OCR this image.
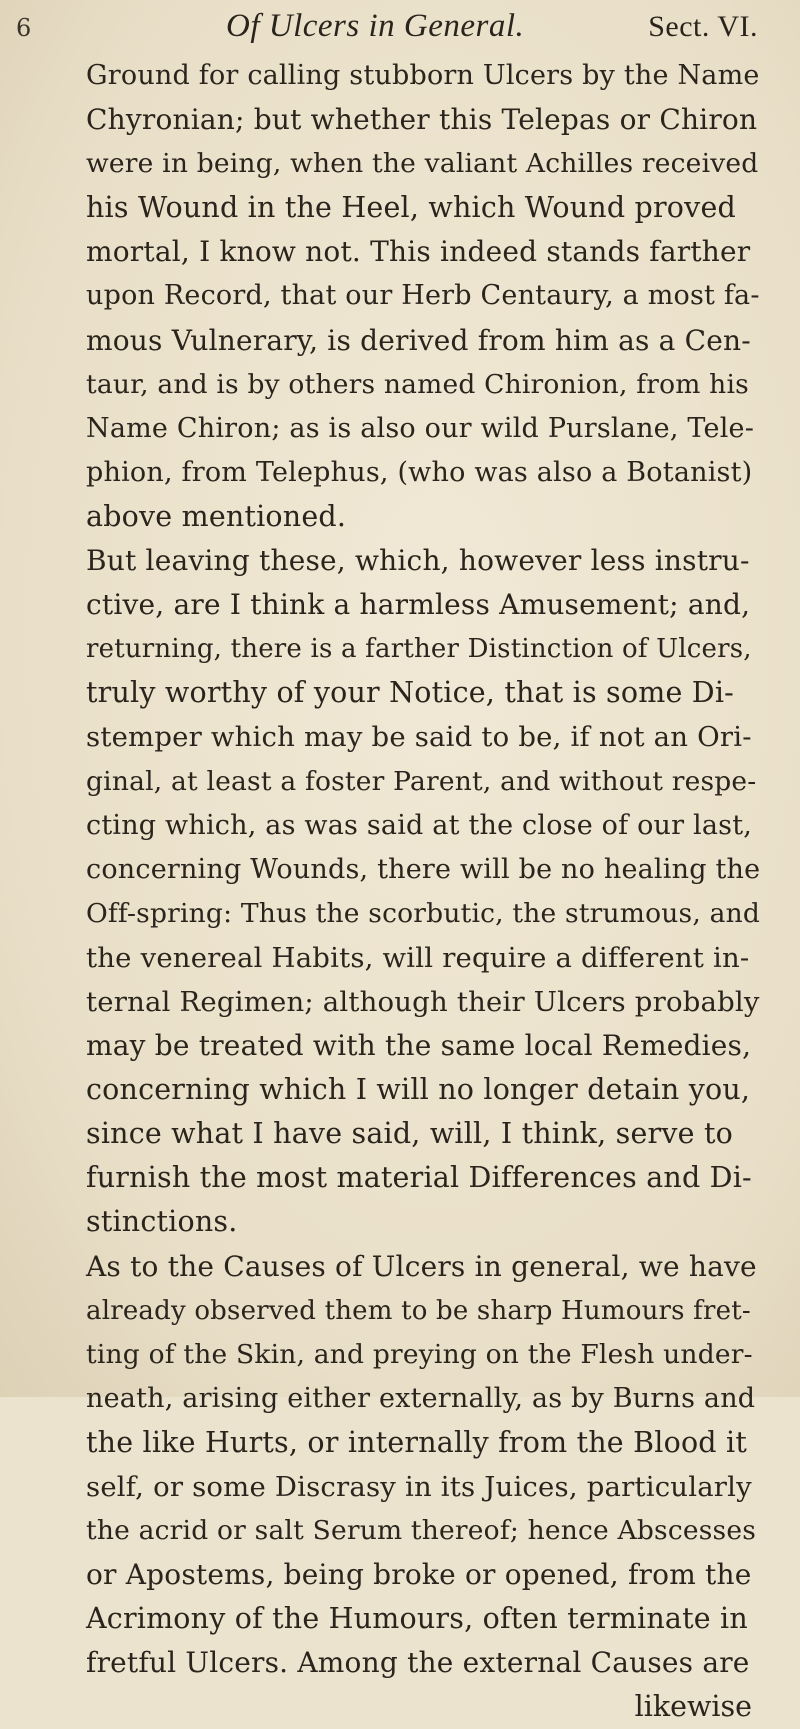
6	Of Ulcers in General.	Sect. VI.
Ground for calling stubborn Ulcers by the Name
Chyronian; but whether this Telepas or Chiron
were in being, when the valiant Achilles received
his Wound in the Heel, which Wound proved
mortal, I know not. This indeed stands farther
upon Record, that our Herb Centaury, a most fa-
mous Vulnerary, is derived from him as a Cen-
taur, and is by others named Chironion, from his
Name Chiron; as is also our wild Purslane, Tele-
phion, from Telephus, (who was also a Botanist)
above mentioned.
But leaving these, which, however less instru-
ctive, are I think a harmless Amusement; and,
returning, there is a farther Distinction of Ulcers,
truly worthy of your Notice, that is some Di-
stemper which may be said to be, if not an Ori-
ginal, at least a foster Parent, and without respe-
cting which, as was said at the close of our last,
concerning Wounds, there will be no healing the
Off-spring: Thus the scorbutic, the strumous, and
the venereal Habits, will require a different in-
ternal Regimen; although their Ulcers probably
may be treated with the same local Remedies,
concerning which I will no longer detain you,
since what I have said, will, I think, serve to
furnish the most material Differences and Di-
stinctions.
As to the Causes of Ulcers in general, we have
already observed them to be sharp Humours fret-
ting of the Skin, and preying on the Flesh under-
neath, arising either externally, as by Burns and
the like Hurts, or internally from the Blood it
self, or some Discrasy in its Juices, particularly
the acrid or salt Serum thereof; hence Abscesses
or Apostems, being broke or opened, from the
Acrimony of the Humours, often terminate in
fretful Ulcers. Among the external Causes are
likewise
